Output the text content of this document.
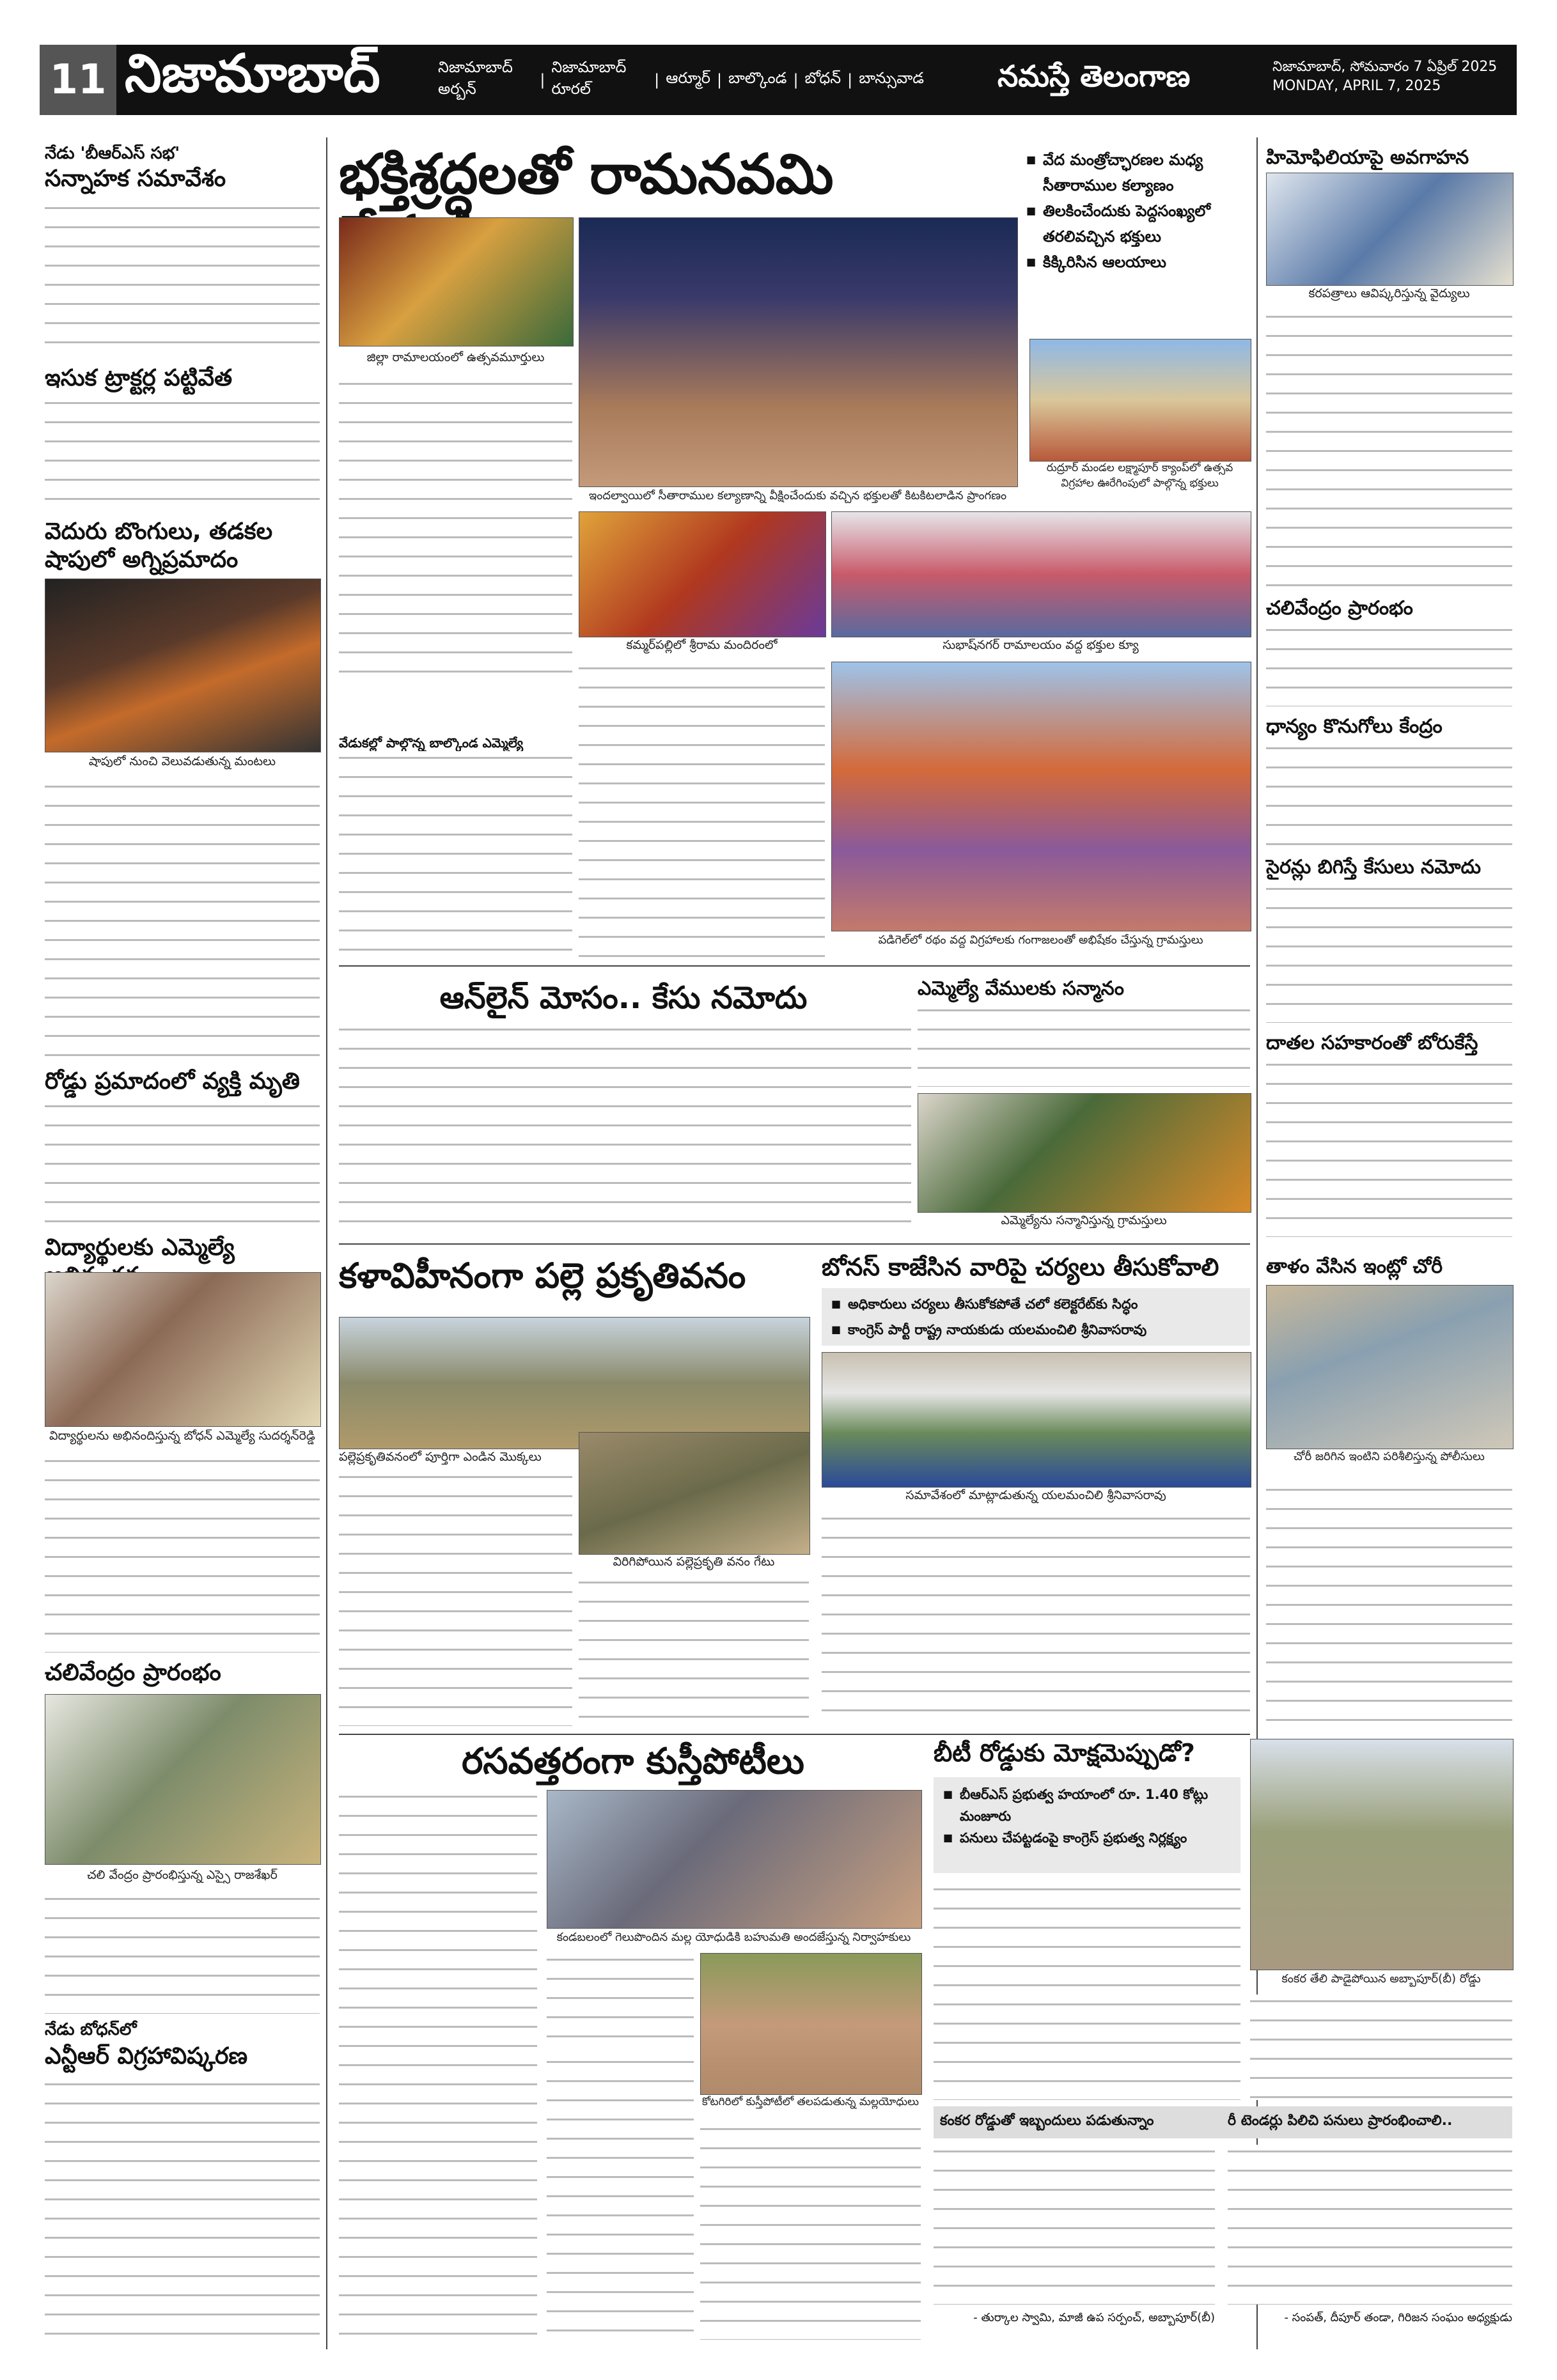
11 నిజామాబాద్	నిజామాబాద్ అర్బన్	|
నిజామాబాద్ రూరల్	| ఆర్మూర్ | బాల్కొండ | బోధన్ | బాన్సువాడ	నమస్తే తెలంగాణ	నిజామాబాద్, సోమవారం 7 ఏప్రిల్ 2025
MONDAY, APRIL 7, 2025
నేడు 'బీఆర్ఎస్ సభ'
సన్నాహక సమావేశం
ఇసుక ట్రాక్టర్ల పట్టివేత
వెదురు బొంగులు, తడకల షాపులో అగ్నిప్రమాదం
షాపులో నుంచి వెలువడుతున్న మంటలు
రోడ్డు ప్రమాదంలో వ్యక్తి మృతి
విద్యార్థులకు ఎమ్మెల్యే
విద్యార్థులను అభినందిస్తున్న బోధన్ ఎమ్మెల్యే సుదర్శన్‌రెడ్డి
చలివేంద్రం ప్రారంభం
చలి వేంద్రం ప్రారంభిస్తున్న ఎస్సై రాజశేఖర్
నేడు బోధన్‌లో
ఎన్టీఆర్ విగ్రహావిష్కరణ
భక్తిశ్రద్ధలతో రామనవమి
■	వేద మంత్రోచ్ఛారణల మధ్య సీతారాముల కల్యాణం
■ తిలకించేందుకు పెద్దసంఖ్యలో తరలివచ్చిన భక్తులు
■ కిక్కిరిసిన ఆలయాలు
జిల్లా రామాలయంలో ఉత్సవమూర్తులు
ఇందల్వాయిలో సీతారాముల కల్యాణాన్ని వీక్షించేందుకు వచ్చిన భక్తులతో కిటకిటలాడిన ప్రాంగణం
రుద్రూర్ మండల లక్ష్మాపూర్ క్యాంప్‌లో ఉత్సవ విగ్రహాల ఊరేగింపులో పాల్గొన్న భక్తులు
వేడుకల్లో పాల్గొన్న బాల్కొండ ఎమ్మెల్యే
కమ్మర్‌పల్లిలో శ్రీరామ మందిరంలో	సుభాష్‌నగర్ రామాలయం వద్ద భక్తుల క్యూ
పడిగెల్‌లో రథం వద్ద విగ్రహాలకు గంగాజలంతో అభిషేకం చేస్తున్న గ్రామస్తులు
ఆన్‌లైన్ మోసం.. కేసు నమోదు	ఎమ్మెల్యే వేములకు సన్మానం
ఎమ్మెల్యేను సన్మానిస్తున్న గ్రామస్తులు
కళావిహీనంగా పల్లె ప్రకృతివనం
పల్లెప్రకృతివనంలో పూర్తిగా ఎండిన మొక్కలు
విరిగిపోయిన పల్లెప్రకృతి వనం గేటు
బోనస్ కాజేసిన వారిపై చర్యలు తీసుకోవాలి
■ అధికారులు చర్యలు తీసుకోకపోతే చలో కలెక్టరేట్‌కు సిద్ధం
■ కాంగ్రెస్ పార్టీ రాష్ట్ర నాయకుడు యలమంచిలి శ్రీనివాసరావు
సమావేశంలో మాట్లాడుతున్న యలమంచిలి శ్రీనివాసరావు
రసవత్తరంగా కుస్తీపోటీలు
కండబలంలో గెలుపొందిన మల్ల యోధుడికి బహుమతి అందజేస్తున్న నిర్వాహకులు
కోటగిరిలో కుస్తీపోటీలో తలపడుతున్న మల్లయోధులు
బీటీ రోడ్డుకు మోక్షమెప్పుడో?
■ బీఆర్ఎస్ ప్రభుత్వ హయాంలో రూ. 1.40 కోట్లు మంజూరు
■ పనులు చేపట్టడంపై కాంగ్రెస్ ప్రభుత్వ నిర్లక్ష్యం
కంకర తేలి పాడైపోయిన అబ్బాపూర్(బీ) రోడ్డు
కంకర రోడ్డుతో ఇబ్బందులు పడుతున్నాం	రీ టెండర్లు పిలిచి పనులు ప్రారంభించాలి..
- తుర్కాల స్వామి, మాజీ ఉప సర్పంచ్, అబ్బాపూర్(బీ)	- సంపత్, దీపూర్ తండా, గిరిజన సంఘం అధ్యక్షుడు
హిమోఫిలియాపై అవగాహన
కరపత్రాలు ఆవిష్కరిస్తున్న వైద్యులు
చలివేంద్రం ప్రారంభం
ధాన్యం కొనుగోలు కేంద్రం
సైరన్లు బిగిస్తే కేసులు నమోదు
దాతల సహకారంతో బోరుకేస్తే
తాళం వేసిన ఇంట్లో చోరీ
చోరీ జరిగిన ఇంటిని పరిశీలిస్తున్న పోలీసులు
